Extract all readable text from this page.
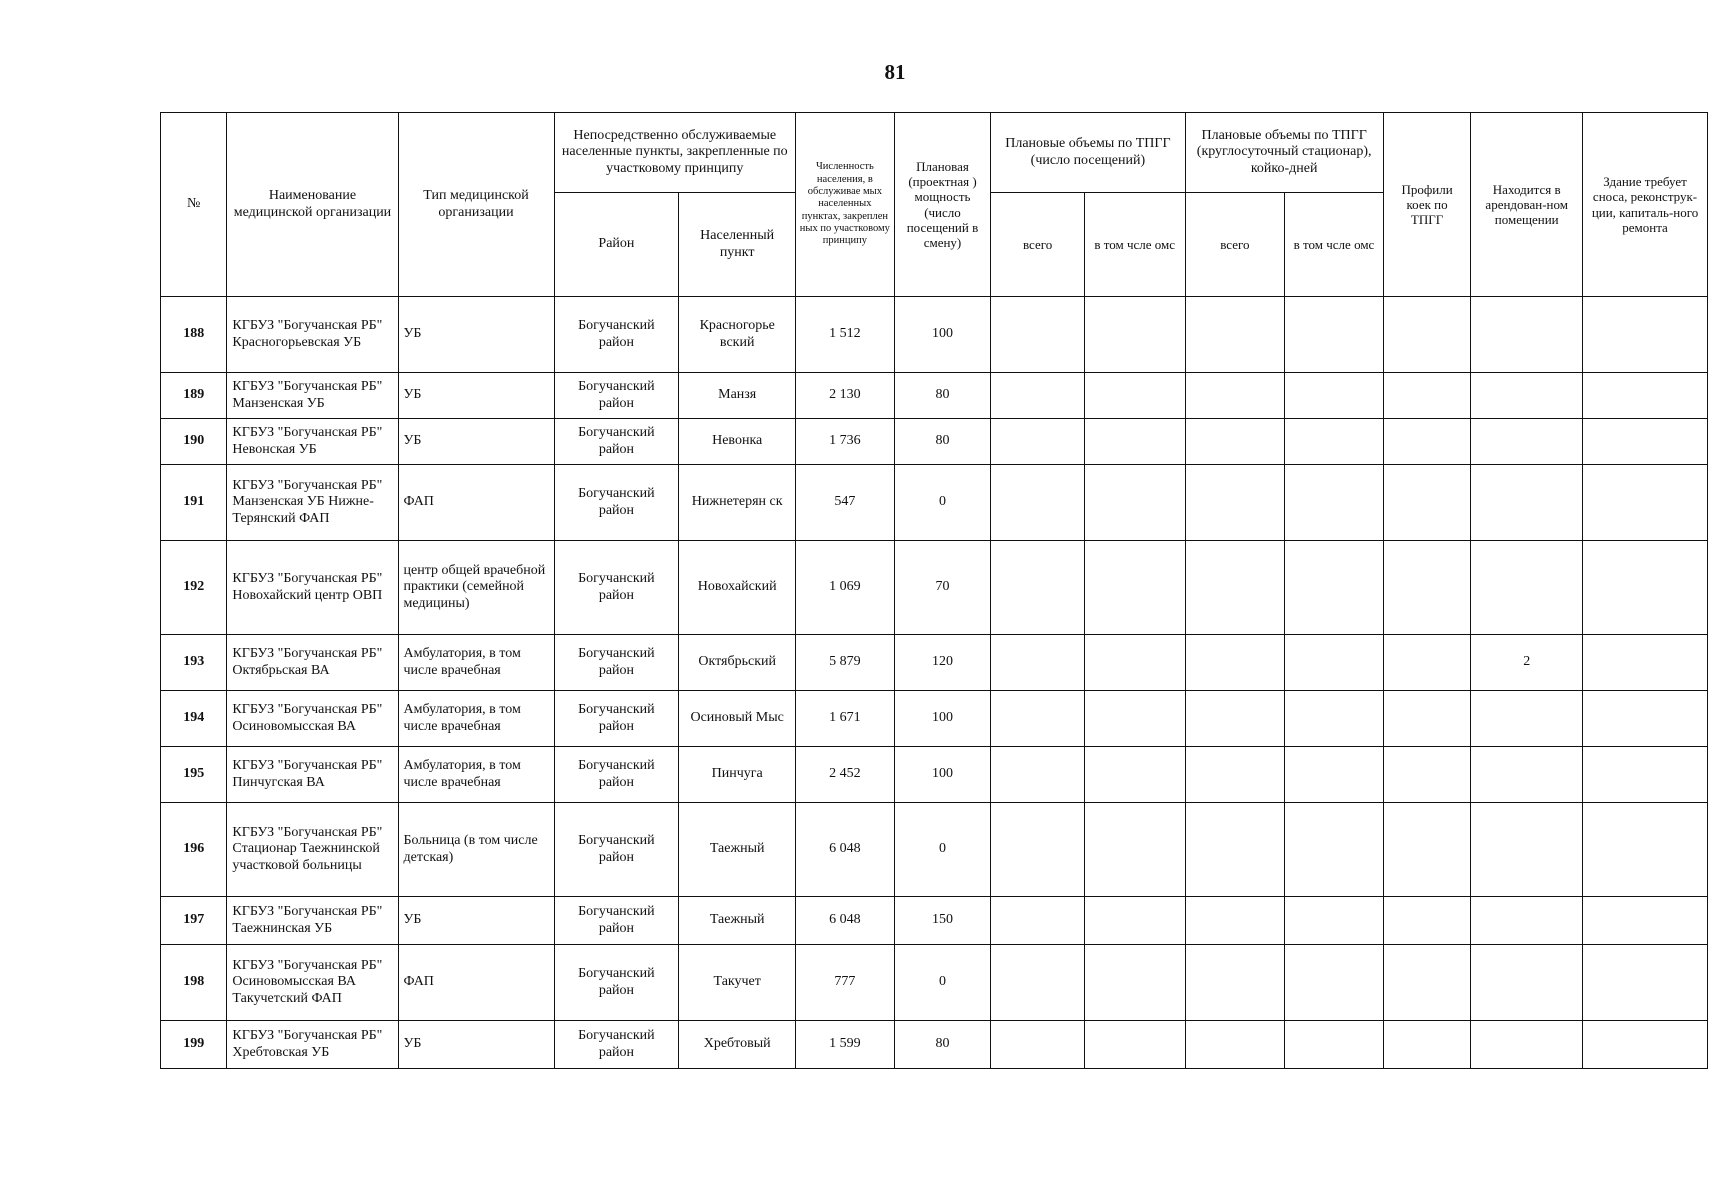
81
№	Наименование медицинской организации	Тип медицинской организации	Непосредственно обслуживаемые населенные пункты, закрепленные по участковому принципу		Численность населения, в обслуживае мых населенных пунктах, закреплен ных по участковому принципу	Плановая (проектная ) мощность (число посещений в смену)	Плановые объемы по ТПГГ (число посещений)		Плановые объемы по ТПГГ (круглосуточный стационар), койко-дней		Профили коек по ТПГГ	Находится в арендован-ном помещении	Здание требует сноса, реконструк-ции, капиталь-ного ремонта
			Район	Населенный пункт			всего	в том чсле омс	всего	в том чсле омс			
188	КГБУЗ "Богучанская РБ" Красногорьевская УБ	УБ	Богучанский район	Красногорье вский	1 512	100							
189	КГБУЗ "Богучанская РБ" Манзенская УБ	УБ	Богучанский район	Манзя	2 130	80							
190	КГБУЗ "Богучанская РБ" Невонская УБ	УБ	Богучанский район	Невонка	1 736	80							
191	КГБУЗ "Богучанская РБ" Манзенская УБ Нижне-Терянский ФАП	ФАП	Богучанский район	Нижнетерян ск	547	0							
192	КГБУЗ "Богучанская РБ" Новохайский центр ОВП	центр общей врачебной практики (семейной медицины)	Богучанский район	Новохайский	1 069	70							
193	КГБУЗ "Богучанская РБ" Октябрьская ВА	Амбулатория, в том числе врачебная	Богучанский район	Октябрьский	5 879	120						2	
194	КГБУЗ "Богучанская РБ" Осиновомысская ВА	Амбулатория, в том числе врачебная	Богучанский район	Осиновый Мыс	1 671	100							
195	КГБУЗ "Богучанская РБ" Пинчугская ВА	Амбулатория, в том числе врачебная	Богучанский район	Пинчуга	2 452	100							
196	КГБУЗ "Богучанская РБ" Стационар Таежнинской участковой больницы	Больница (в том числе детская)	Богучанский район	Таежный	6 048	0							
197	КГБУЗ "Богучанская РБ" Таежнинская УБ	УБ	Богучанский район	Таежный	6 048	150							
198	КГБУЗ "Богучанская РБ" Осиновомысская ВА Такучетский ФАП	ФАП	Богучанский район	Такучет	777	0							
199	КГБУЗ "Богучанская РБ" Хребтовская УБ	УБ	Богучанский район	Хребтовый	1 599	80							
